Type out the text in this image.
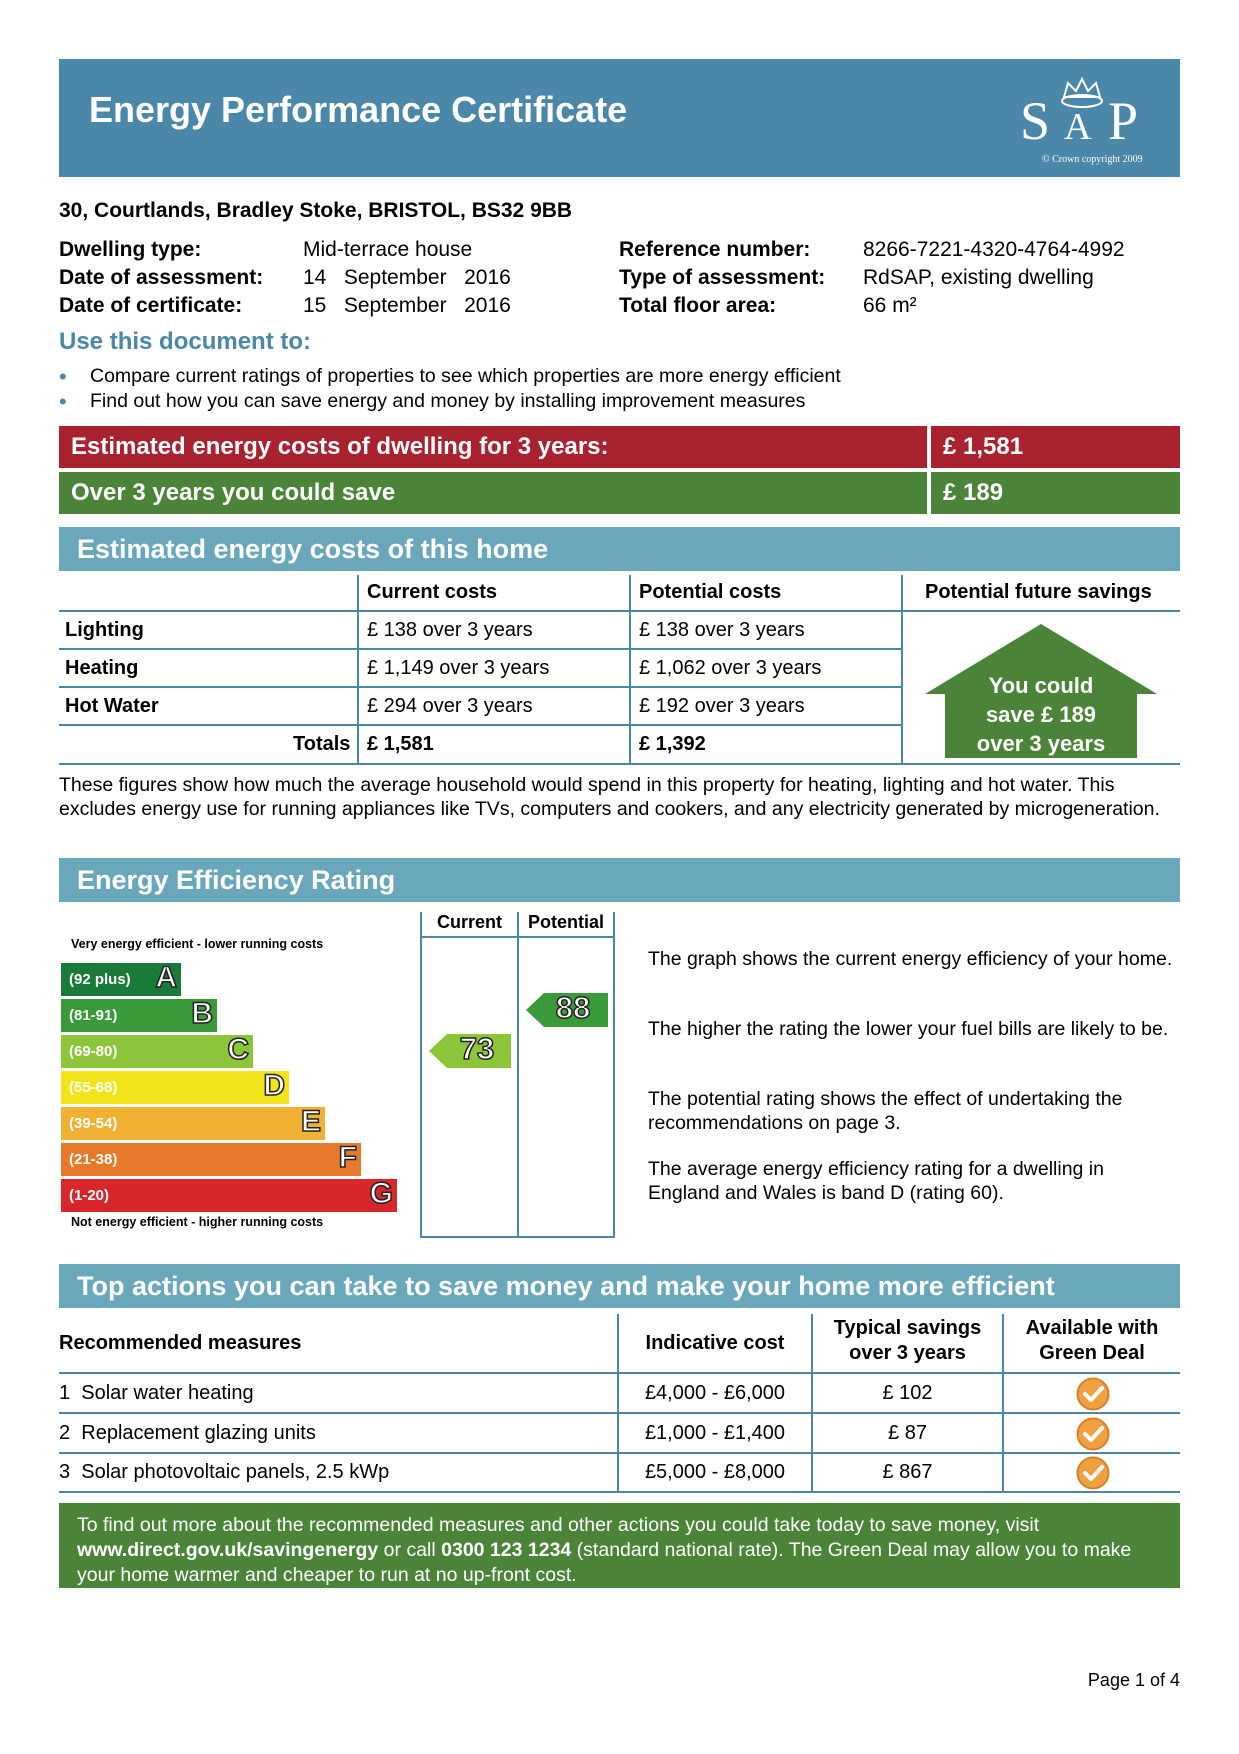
Energy Performance Certificate	S A P
© Crown copyright 2009
30, Courtlands, Bradley Stoke, BRISTOL, BS32 9BB
Dwelling type:	Mid-terrace house
Date of assessment: 14   September   2016
Date of certificate:	15   September   2016
Reference number:	8266-7221-4320-4764-4992
Type of assessment: RdSAP, existing dwelling
Total floor area:	66 m²
Use this document to:
• Compare current ratings of properties to see which properties are more energy efficient
• Find out how you can save energy and money by installing improvement measures
Estimated energy costs of dwelling for 3 years:	£ 1,581
Over 3 years you could save	£ 189
Estimated energy costs of this home
Current costs	Potential costs	Potential future savings
Lighting	£ 138 over 3 years	£ 138 over 3 years
Heating	£ 1,149 over 3 years	£ 1,062 over 3 years
Hot Water	£ 294 over 3 years	£ 192 over 3 years
Totals £ 1,581	£ 1,392
You could
save £ 189
over 3 years
These figures show how much the average household would spend in this property for heating, lighting and hot water. This excludes energy use for running appliances like TVs, computers and cookers, and any electricity generated by microgeneration.
Energy Efficiency Rating
Current	Potential
Very energy efficient - lower running costs
Not energy efficient - higher running costs
(92 plus) A
(81-91) B
(69-80)	C
(55-68)	D
(39-54)	E
(21-38)	F
(1-20)	G
73
88
The graph shows the current energy efficiency of your home.
The higher the rating the lower your fuel bills are likely to be.
The potential rating shows the effect of undertaking the recommendations on page 3.
The average energy efficiency rating for a dwelling in England and Wales is band D (rating 60).
Top actions you can take to save money and make your home more efficient
Recommended measures	Indicative cost
Typical savings
over 3 years
Available with
Green Deal
1 Solar water heating	£4,000 - £6,000	£ 102
2 Replacement glazing units	£1,000 - £1,400	£ 87
3 Solar photovoltaic panels, 2.5 kWp	£5,000 - £8,000	£ 867
To find out more about the recommended measures and other actions you could take today to save money, visit
www.direct.gov.uk/savingenergy or call 0300 123 1234 (standard national rate). The Green Deal may allow you to make your home warmer and cheaper to run at no up-front cost.
Page 1 of 4
